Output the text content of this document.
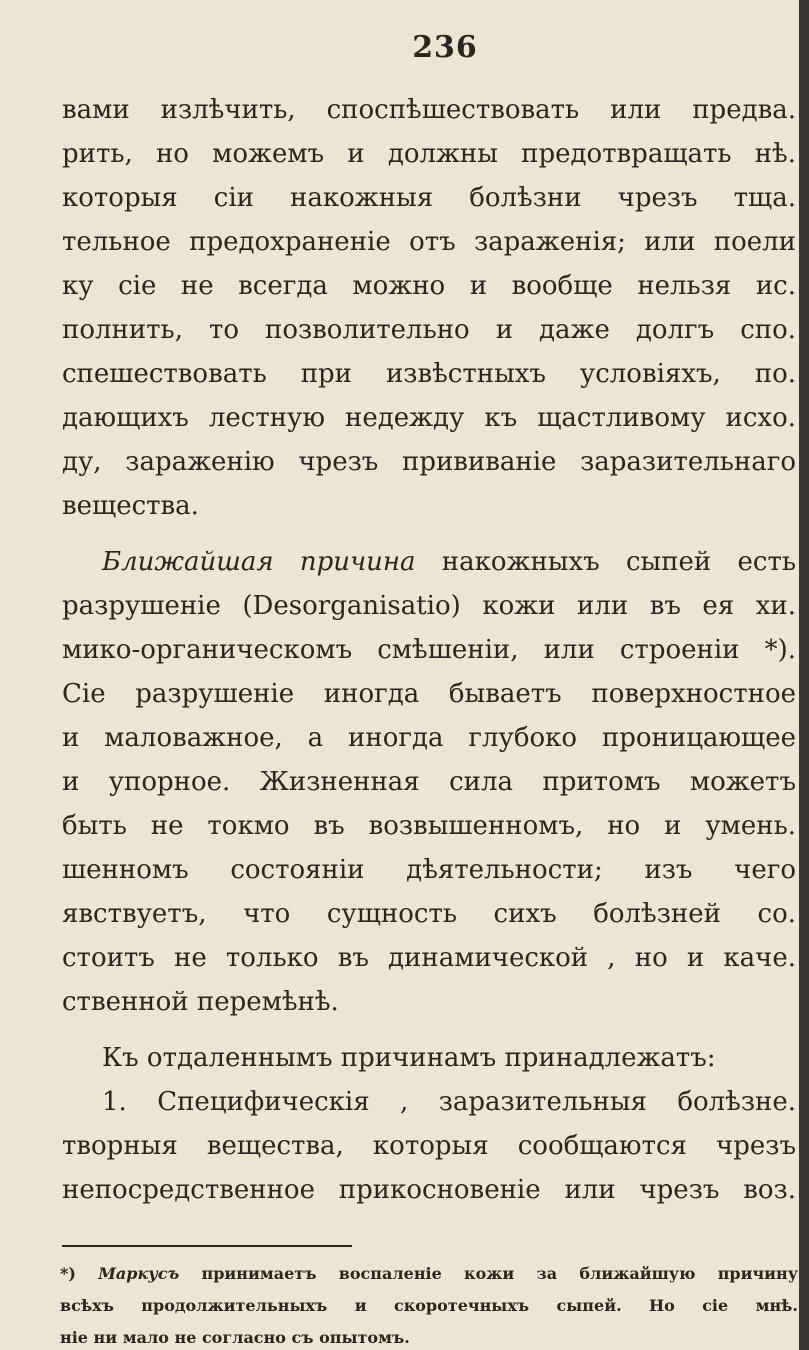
236
вами излѣчить, споспѣшествовать или предва.
рить, но можемъ и должны предотвращать нѣ.
которыя сіи накожныя болѣзни чрезъ тща.
тельное предохраненіе отъ зараженія; или поели
ку сіе не всегда можно и вообще нельзя ис.
полнить, то позволительно и даже долгъ спо.
спешествовать при извѣстныхъ условіяхъ, по.
дающихъ лестную недежду къ щастливому исхо.
ду, зараженію чрезъ прививаніе заразительнаго
вещества.
Ближайшая причина накожныхъ сыпей есть
разрушеніе (Desorganisatio) кожи или въ ея хи.
мико-органическомъ смѣшеніи, или строеніи *).
Сіе разрушеніе иногда бываетъ поверхностное
и маловажное, а иногда глубоко проницающее
и упорное. Жизненная сила притомъ можетъ
быть не токмо въ возвышенномъ, но и умень.
шенномъ состояніи дѣятельности; изъ чего
явствуетъ, что сущность сихъ болѣзней со.
стоитъ не только въ динамической , но и каче.
ственной перемѣнѣ.
Къ отдаленнымъ причинамъ принадлежатъ:
1. Специфическія , заразительныя болѣзне.
творныя вещества, которыя сообщаются чрезъ
непосредственное прикосновеніе или чрезъ воз.
*) Маркусъ принимаетъ воспаленіе кожи за ближайшую причину
всѣхъ продолжительныхъ и скоротечныхъ сыпей. Но сіе мнѣ.
ніе ни мало не согласно съ опытомъ.
